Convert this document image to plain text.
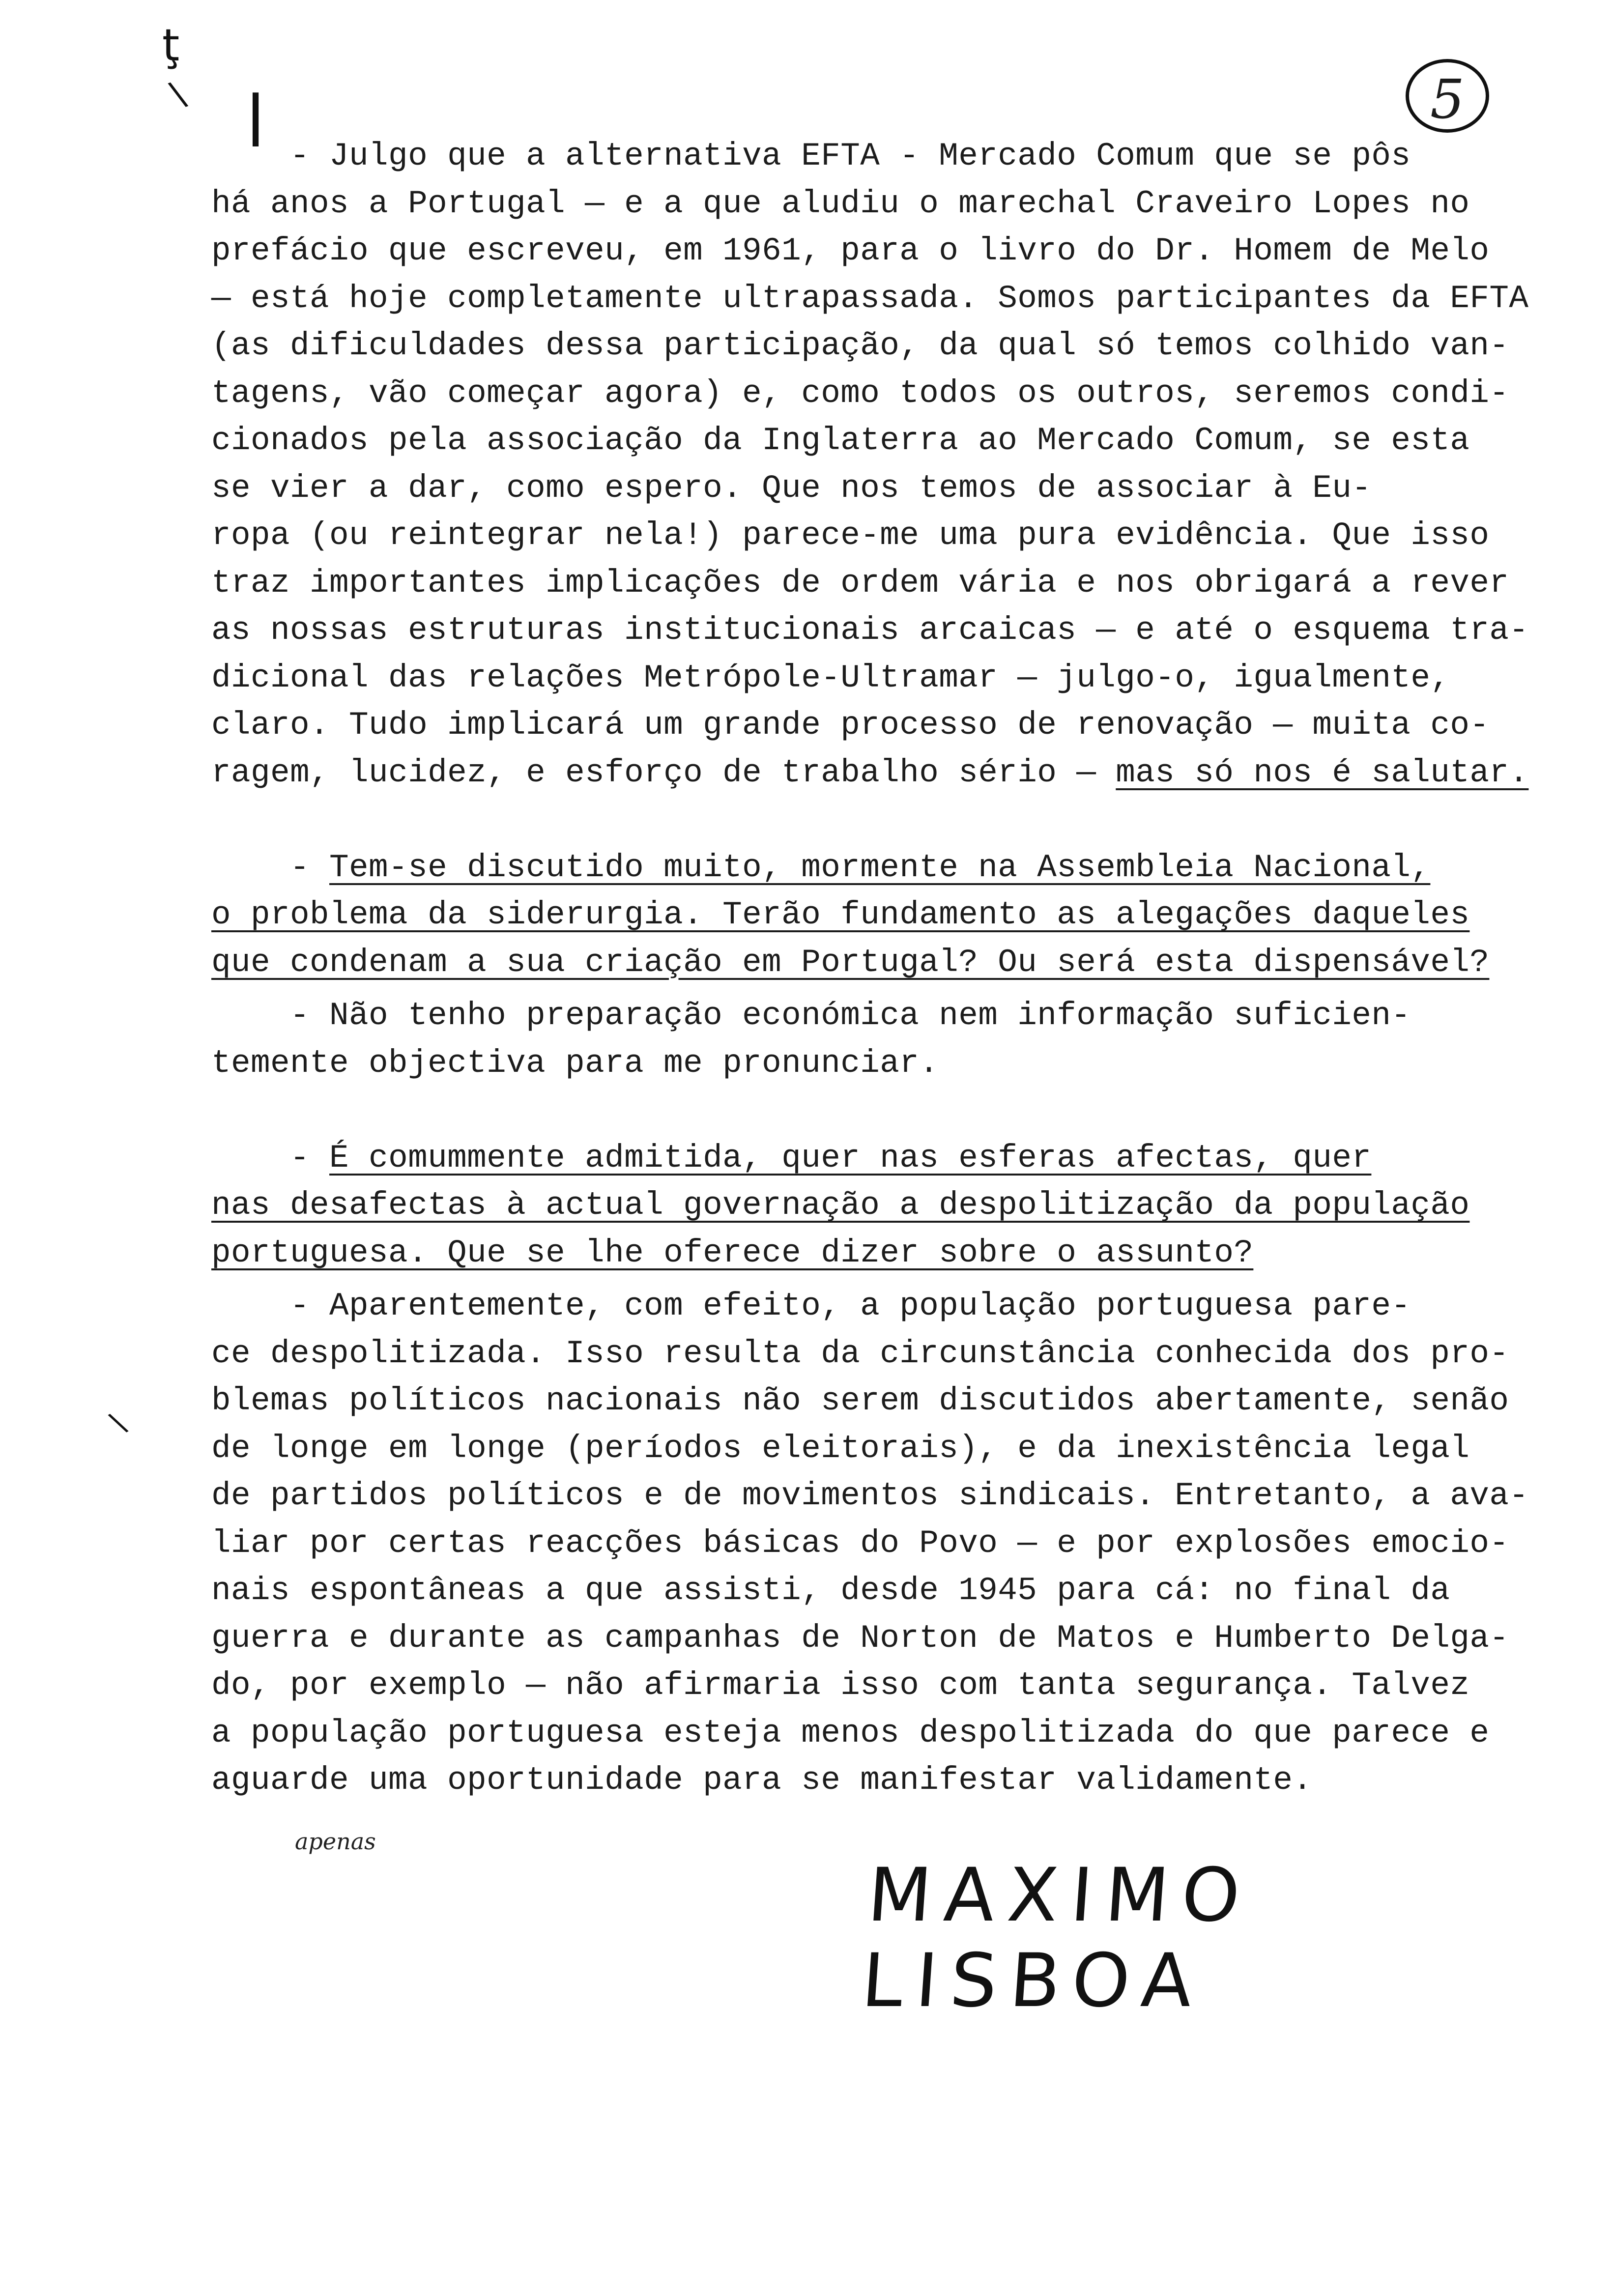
ţ
\ |
\
5
- Julgo que a alternativa EFTA - Mercado Comum que se pôs
há anos a Portugal — e a que aludiu o marechal Craveiro Lopes no
prefácio que escreveu, em 1961, para o livro do Dr. Homem de Melo
— está hoje completamente ultrapassada. Somos participantes da EFTA
(as dificuldades dessa participação, da qual só temos colhido van-
tagens, vão começar agora) e, como todos os outros, seremos condi-
cionados pela associação da Inglaterra ao Mercado Comum, se esta
se vier a dar, como espero. Que nos temos de associar à Eu-
ropa (ou reintegrar nela!) parece-me uma pura evidência. Que isso
traz importantes implicações de ordem vária e nos obrigará a rever
as nossas estruturas institucionais arcaicas — e até o esquema tra-
dicional das relações Metrópole-Ultramar — julgo-o, igualmente,
claro. Tudo implicará um grande processo de renovação — muita co-
ragem, lucidez, e esforço de trabalho sério — mas só nos é salutar.
- Tem-se discutido muito, mormente na Assembleia Nacional,
o problema da siderurgia. Terão fundamento as alegações daqueles
que condenam a sua criação em Portugal? Ou será esta dispensável?
- Não tenho preparação económica nem informação suficien-
temente objectiva para me pronunciar.
- É comummente admitida, quer nas esferas afectas, quer
nas desafectas à actual governação a despolitização da população
portuguesa. Que se lhe oferece dizer sobre o assunto?
- Aparentemente, com efeito, a população portuguesa pare-
ce despolitizada. Isso resulta da circunstância conhecida dos pro-
blemas políticos nacionais não serem discutidos abertamente, senão
de longe em longe (períodos eleitorais), e da inexistência legal
de partidos políticos e de movimentos sindicais. Entretanto, a ava-
liar por certas reacções básicas do Povo — e por explosões emocio-
nais espontâneas a que assisti, desde 1945 para cá: no final da
guerra e durante as campanhas de Norton de Matos e Humberto Delga-
do, por exemplo — não afirmaria isso com tanta segurança. Talvez
a população portuguesa esteja menos despolitizada do que parece e
aguarde uma oportunidade para se manifestar validamente.
apenas
MAXIMO LISBOA
